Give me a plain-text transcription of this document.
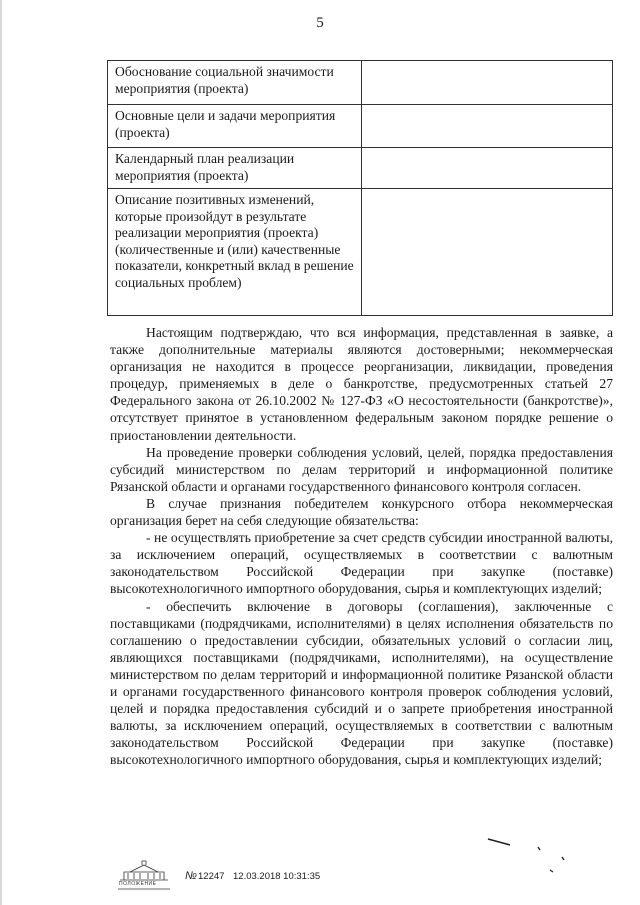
5
Обоснование социальной значимости мероприятия (проекта)	
Основные цели и задачи мероприятия (проекта)	
Календарный план реализации мероприятия (проекта)	
Описание позитивных изменений, которые произойдут в результате реализации мероприятия (проекта) (количественные и (или) качественные показатели, конкретный вклад в решение социальных проблем)	

Настоящим подтверждаю, что вся информация, представленная в заявке, а также дополнительные материалы являются достоверными; некоммерческая организация не находится в процессе реорганизации, ликвидации, проведения процедур, применяемых в деле о банкротстве, предусмотренных статьей 27 Федерального закона от 26.10.2002 № 127-ФЗ «О несостоятельности (банкротстве)», отсутствует принятое в установленном федеральным законом порядке решение о приостановлении деятельности.

На проведение проверки соблюдения условий, целей, порядка предоставления субсидий министерством по делам территорий и информационной политике Рязанской области и органами государственного финансового контроля согласен.

В случае признания победителем конкурсного отбора некоммерческая организация берет на себя следующие обязательства:

- не осуществлять приобретение за счет средств субсидии иностранной валюты, за исключением операций, осуществляемых в соответствии с валютным законодательством Российской Федерации при закупке (поставке) высокотехнологичного импортного оборудования, сырья и комплектующих изделий;

- обеспечить включение в договоры (соглашения), заключенные с поставщиками (подрядчиками, исполнителями) в целях исполнения обязательств по соглашению о предоставлении субсидии, обязательных условий о согласии лиц, являющихся поставщиками (подрядчиками, исполнителями), на осуществление министерством по делам территорий и информационной политике Рязанской области и органами государственного финансового контроля проверок соблюдения условий, целей и порядка предоставления субсидий и о запрете приобретения иностранной валюты, за исключением операций, осуществляемых в соответствии с валютным законодательством Российской Федерации при закупке (поставке) высокотехнологичного импортного оборудования, сырья и комплектующих изделий;

ПОЛОЖЕНИЕ
№ 12247 12.03.2018 10:31:35
